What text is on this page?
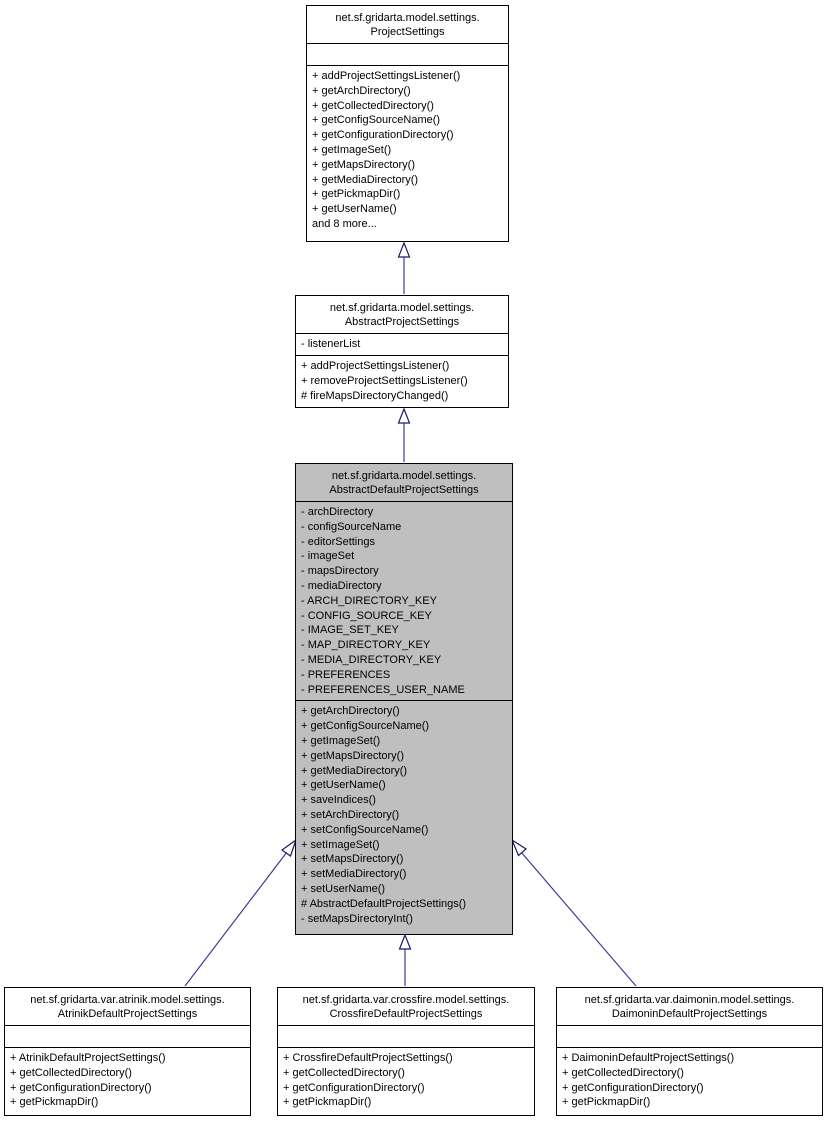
net.sf.gridarta.model.settings.
ProjectSettings
+ addProjectSettingsListener()
+ getArchDirectory()
+ getCollectedDirectory()
+ getConfigSourceName()
+ getConfigurationDirectory()
+ getImageSet()
+ getMapsDirectory()
+ getMediaDirectory()
+ getPickmapDir()
+ getUserName()
and 8 more...
net.sf.gridarta.model.settings.
AbstractProjectSettings
- listenerList
+ addProjectSettingsListener()
+ removeProjectSettingsListener()
# fireMapsDirectoryChanged()
net.sf.gridarta.model.settings.
AbstractDefaultProjectSettings
- archDirectory
- configSourceName
- editorSettings
- imageSet
- mapsDirectory
- mediaDirectory
- ARCH_DIRECTORY_KEY
- CONFIG_SOURCE_KEY
- IMAGE_SET_KEY
- MAP_DIRECTORY_KEY
- MEDIA_DIRECTORY_KEY
- PREFERENCES
- PREFERENCES_USER_NAME
+ getArchDirectory()
+ getConfigSourceName()
+ getImageSet()
+ getMapsDirectory()
+ getMediaDirectory()
+ getUserName()
+ saveIndices()
+ setArchDirectory()
+ setConfigSourceName()
+ setImageSet()
+ setMapsDirectory()
+ setMediaDirectory()
+ setUserName()
# AbstractDefaultProjectSettings()
- setMapsDirectoryInt()
net.sf.gridarta.var.atrinik.model.settings.
AtrinikDefaultProjectSettings
+ AtrinikDefaultProjectSettings()
+ getCollectedDirectory()
+ getConfigurationDirectory()
+ getPickmapDir()
net.sf.gridarta.var.crossfire.model.settings.
CrossfireDefaultProjectSettings
+ CrossfireDefaultProjectSettings()
+ getCollectedDirectory()
+ getConfigurationDirectory()
+ getPickmapDir()
net.sf.gridarta.var.daimonin.model.settings.
DaimoninDefaultProjectSettings
+ DaimoninDefaultProjectSettings()
+ getCollectedDirectory()
+ getConfigurationDirectory()
+ getPickmapDir()
